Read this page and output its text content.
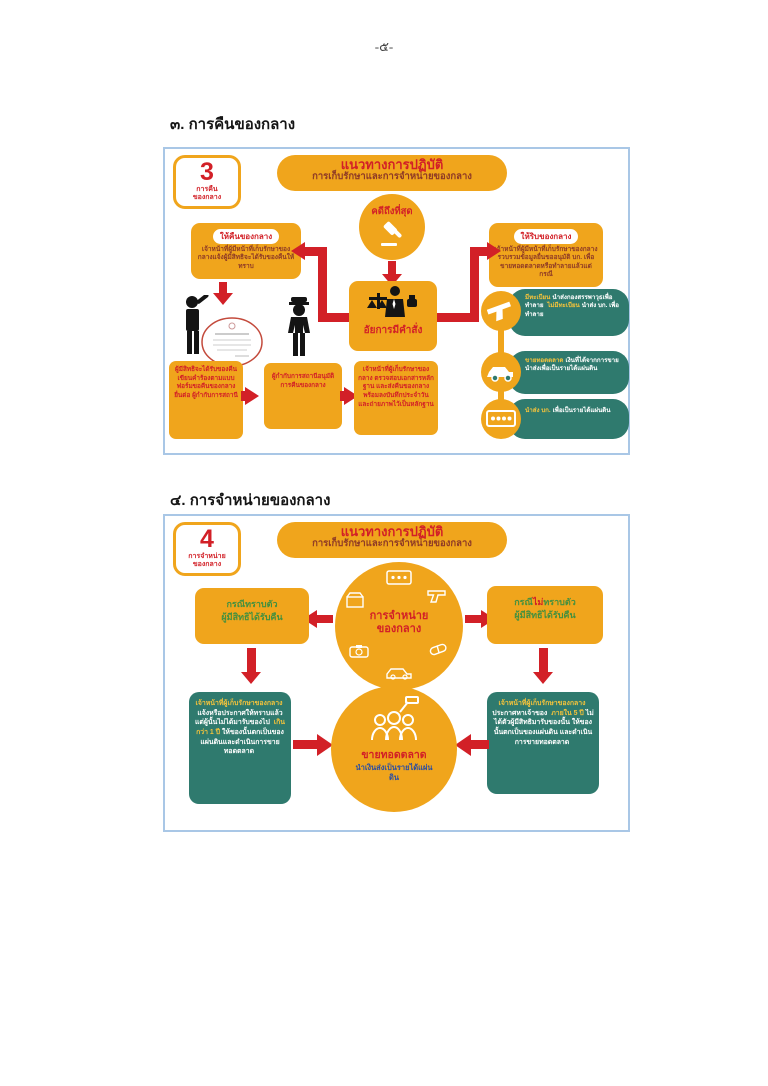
-๕-
๓. การคืนของกลาง
3
การคืน
ของกลาง
แนวทางการปฏิบัติ
การเก็บรักษาและการจำหน่ายของกลาง
คดีถึงที่สุด
ให้คืนของกลาง
เจ้าหน้าที่ผู้มีหน้าที่เก็บรักษาของกลางแจ้งผู้มีสิทธิจะได้รับของคืนให้ทราบ
ให้ริบของกลาง
เจ้าหน้าที่ผู้มีหน้าที่เก็บรักษาของกลางรวบรวมข้อมูลยื่นขออนุมัติ บก. เพื่อขายทอดตลาดหรือทำลายแล้วแต่กรณี
อัยการมีคำสั่ง
ผู้มีสิทธิจะได้รับของคืน เขียนคำร้องตามแบบฟอร์มขอคืนของกลาง ยื่นต่อ ผู้กำกับการสถานี
ผู้กำกับการสถานีอนุมัติการคืนของกลาง
เจ้าหน้าที่ผู้เก็บรักษาของกลาง ตรวจสอบเอกสารหลักฐาน และส่งคืนของกลาง พร้อมลงบันทึกประจำวันและถ่ายภาพไว้เป็นหลักฐาน
มีทะเบียน นำส่งกองสรรพาวุธเพื่อทำลาย ไม่มีทะเบียน นำส่ง บก. เพื่อทำลาย
ขายทอดตลาด เงินที่ได้จากการขาย นำส่งเพื่อเป็นรายได้แผ่นดิน
นำส่ง บก. เพื่อเป็นรายได้แผ่นดิน
๔. การจำหน่ายของกลาง
4
การจำหน่าย
ของกลาง
แนวทางการปฏิบัติ
การเก็บรักษาและการจำหน่ายของกลาง
การจำหน่าย
ของกลาง
กรณีทราบตัว
ผู้มีสิทธิได้รับคืน
กรณีไม่ทราบตัว
ผู้มีสิทธิได้รับคืน
เจ้าหน้าที่ผู้เก็บรักษาของกลางแจ้งหรือประกาศให้ทราบแล้วแต่ผู้นั้นไม่ได้มารับของไป เกินกว่า 1 ปี ให้ของนั้นตกเป็นของแผ่นดินและดำเนินการขายทอดตลาด
เจ้าหน้าที่ผู้เก็บรักษาของกลางประกาศหาเจ้าของ ภายใน 5 ปี ไม่ได้ตัวผู้มีสิทธิมารับของนั้น ให้ของนั้นตกเป็นของแผ่นดิน และดำเนินการขายทอดตลาด
ขายทอดตลาด
นำเงินส่งเป็นรายได้แผ่นดิน
